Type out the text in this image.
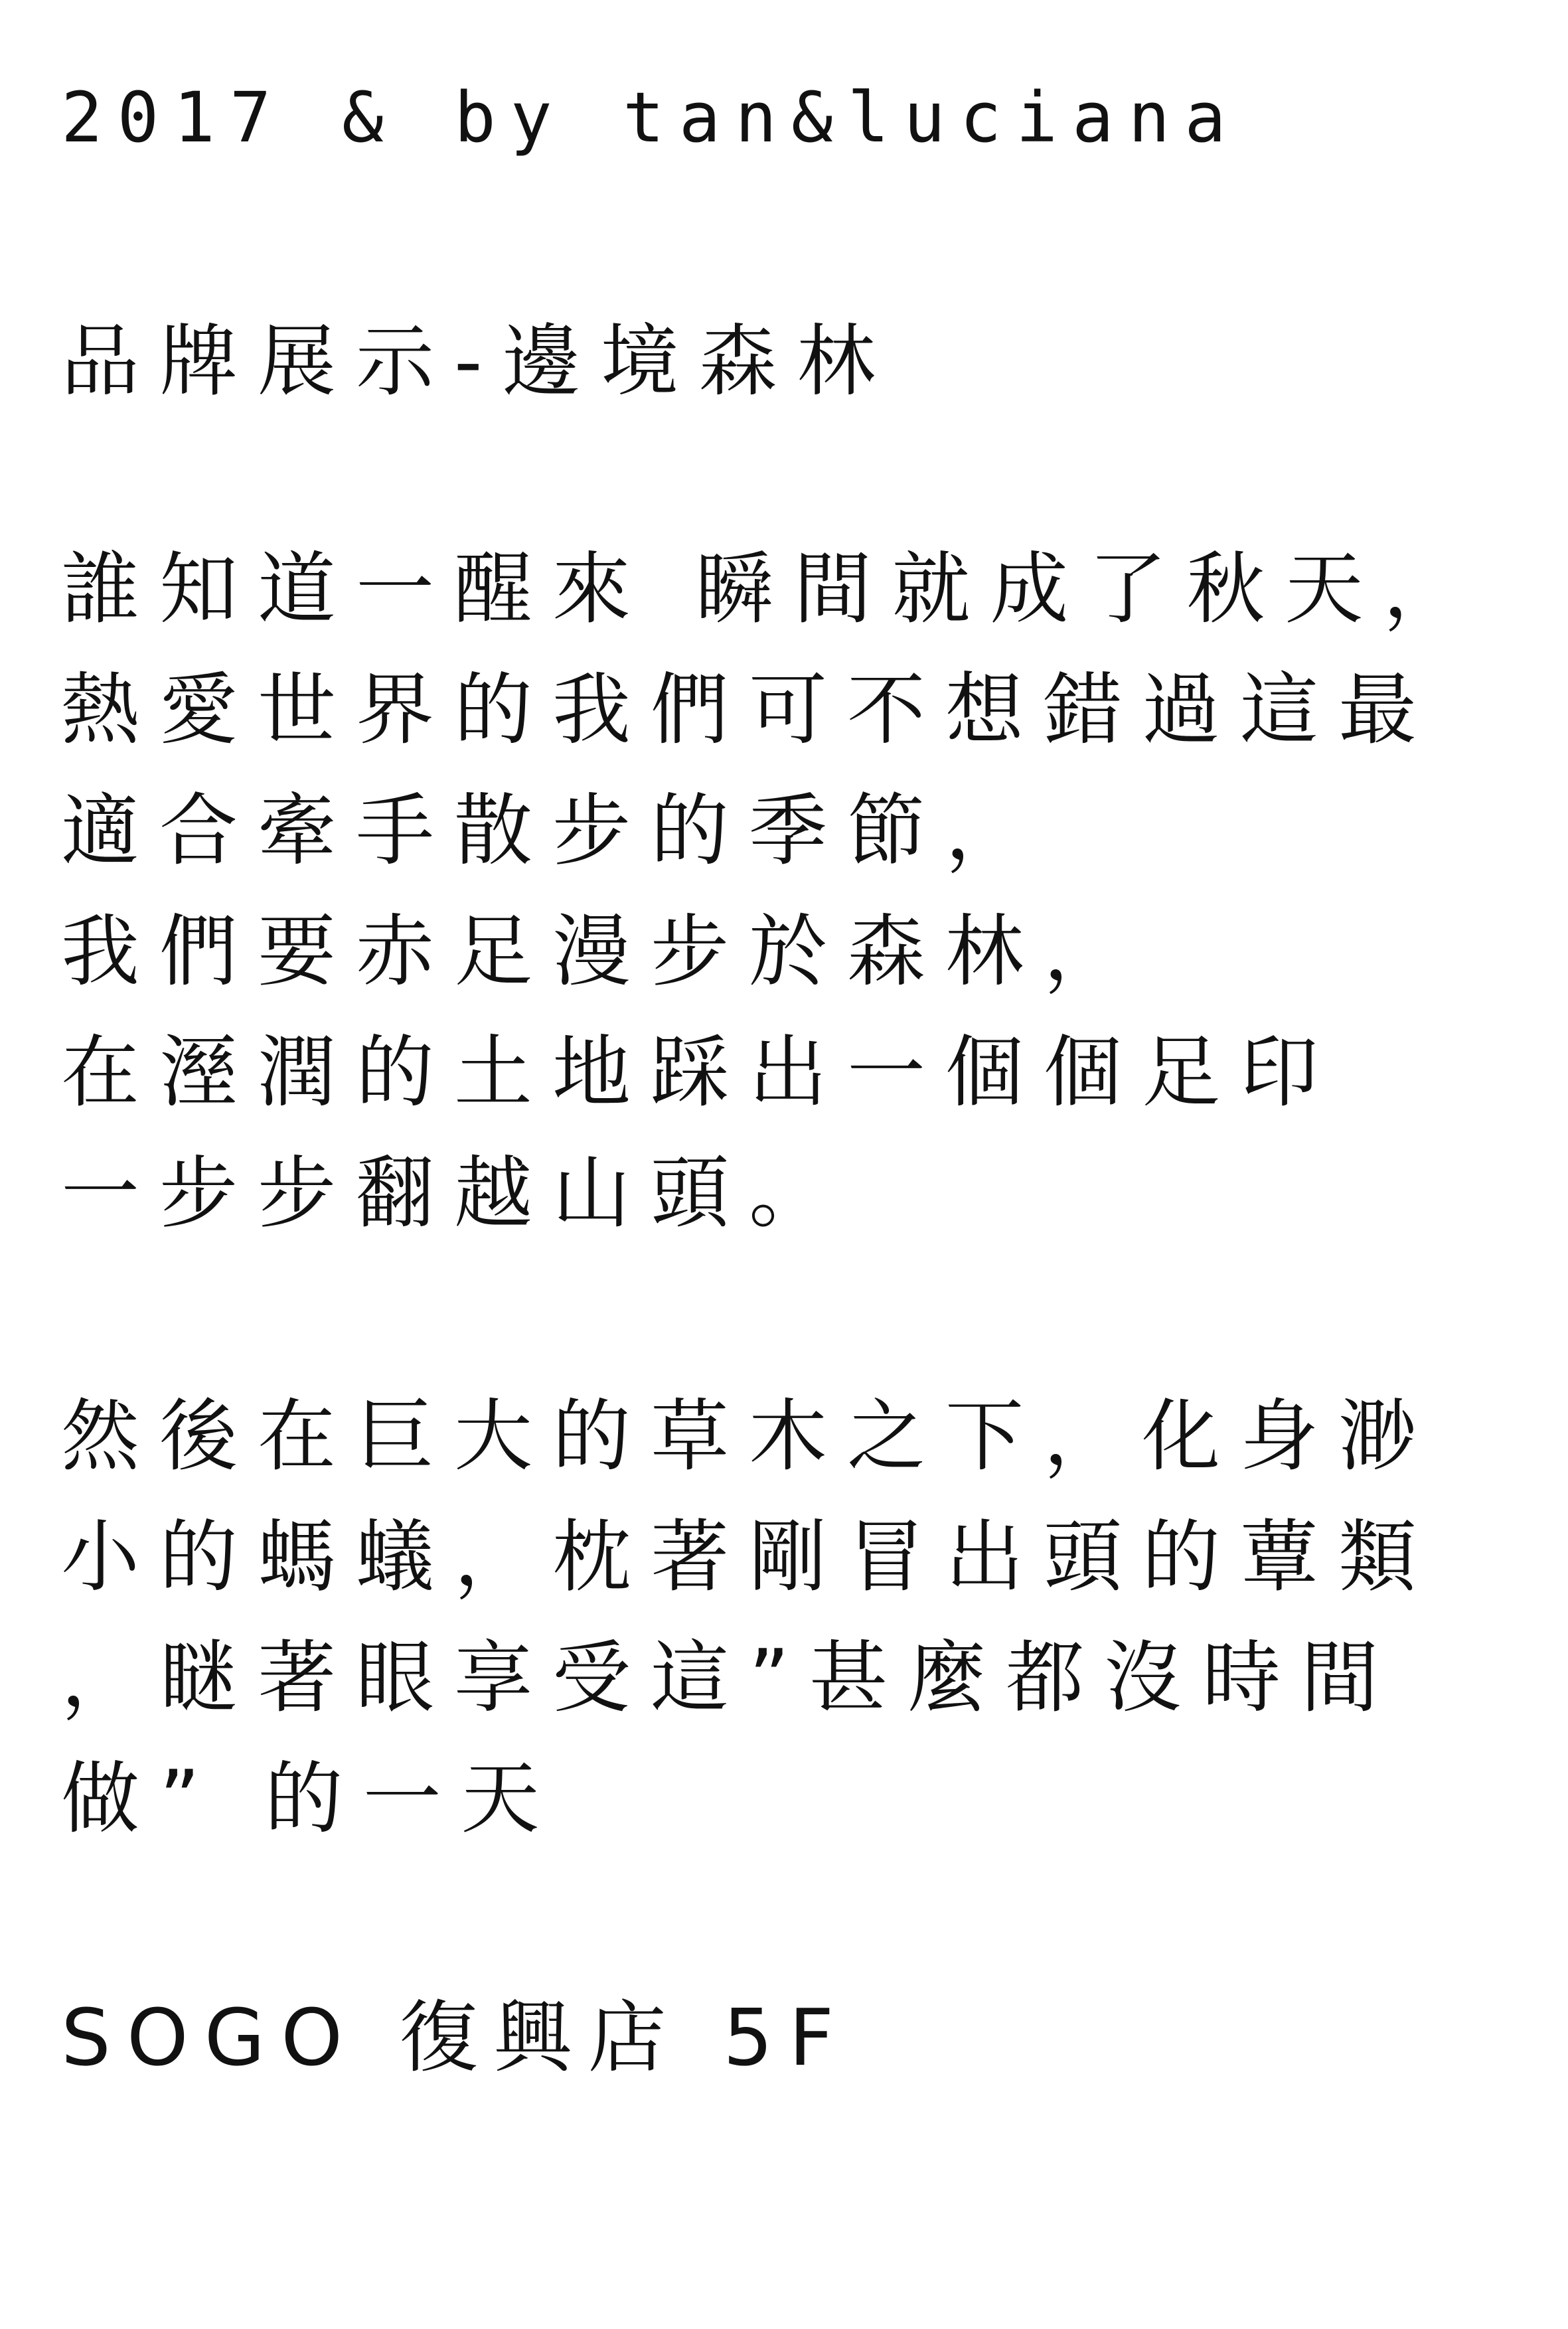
2017 & by tan&luciana

品牌展示-邊境森林

誰知道一醒來 瞬間就成了秋天，

熱愛世界的我們可不想錯過這最

適合牽手散步的季節，

我們要赤足漫步於森林，

在溼潤的土地踩出一個個足印

一步步翻越山頭。

然後在巨大的草木之下，化身渺

小的螞蟻，枕著剛冒出頭的蕈類

，瞇著眼享受這”甚麼都沒時間

做” 的一天

SOGO 復興店 5F
